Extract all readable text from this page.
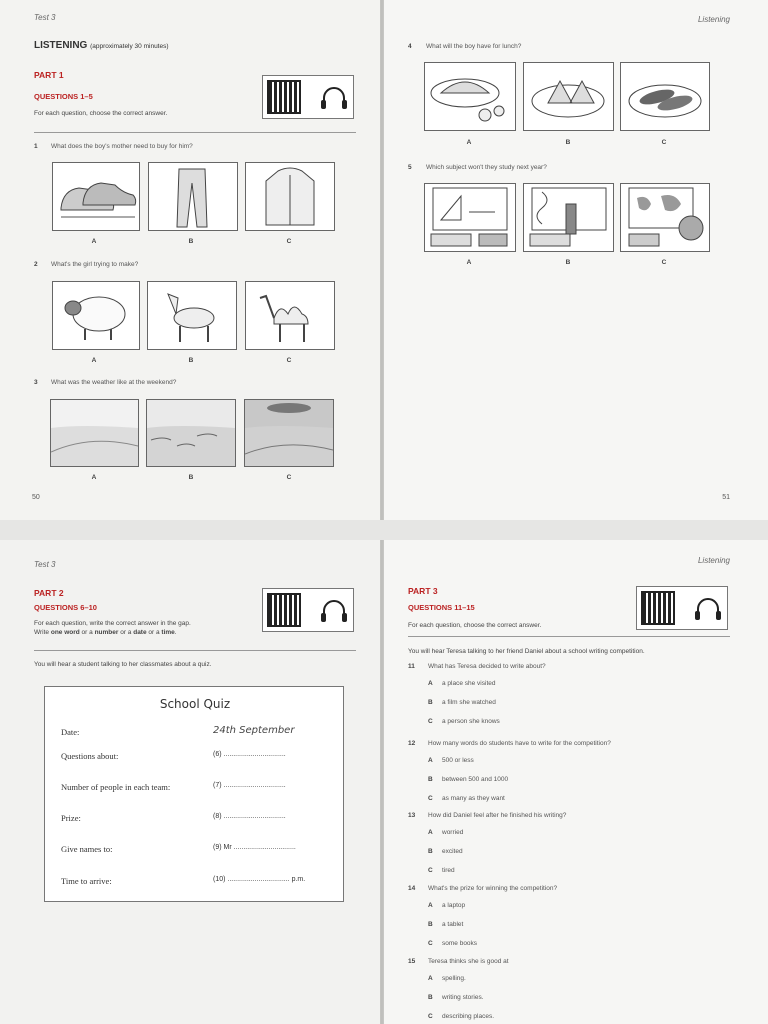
Test 3
LISTENING (approximately 30 minutes)
PART 1
QUESTIONS 1–5
For each question, choose the correct answer.
1 What does the boy's mother need to buy for him?
A	B	C
2 What's the girl trying to make?
A	B	C
3 What was the weather like at the weekend?
A	B	C
50
Listening
4 What will the boy have for lunch?
A	B	C
5 Which subject won't they study next year?
A	B	C
51
Test 3
PART 2
QUESTIONS 6–10
For each question, write the correct answer in the gap.
Write one word or a number or a date or a time.
You will hear a student talking to her classmates about a quiz.
School Quiz
Date:	24th September
Questions about:	(6) ................................
Number of people in each team:	(7) ................................
Prize:	(8) ................................
Give names to:	(9) Mr ................................
Time to arrive:	(10) ................................ p.m.
Listening
PART 3
QUESTIONS 11–15
For each question, choose the correct answer.
You will hear Teresa talking to her friend Daniel about a school writing competition.
11 What has Teresa decided to write about?
A a place she visited
B a film she watched
C a person she knows
12 How many words do students have to write for the competition?
A 500 or less
B between 500 and 1000
C as many as they want
13 How did Daniel feel after he finished his writing?
A worried
B excited
C tired
14 What's the prize for winning the competition?
A a laptop
B a tablet
C some books
15 Teresa thinks she is good at
A spelling.
B writing stories.
C describing places.
